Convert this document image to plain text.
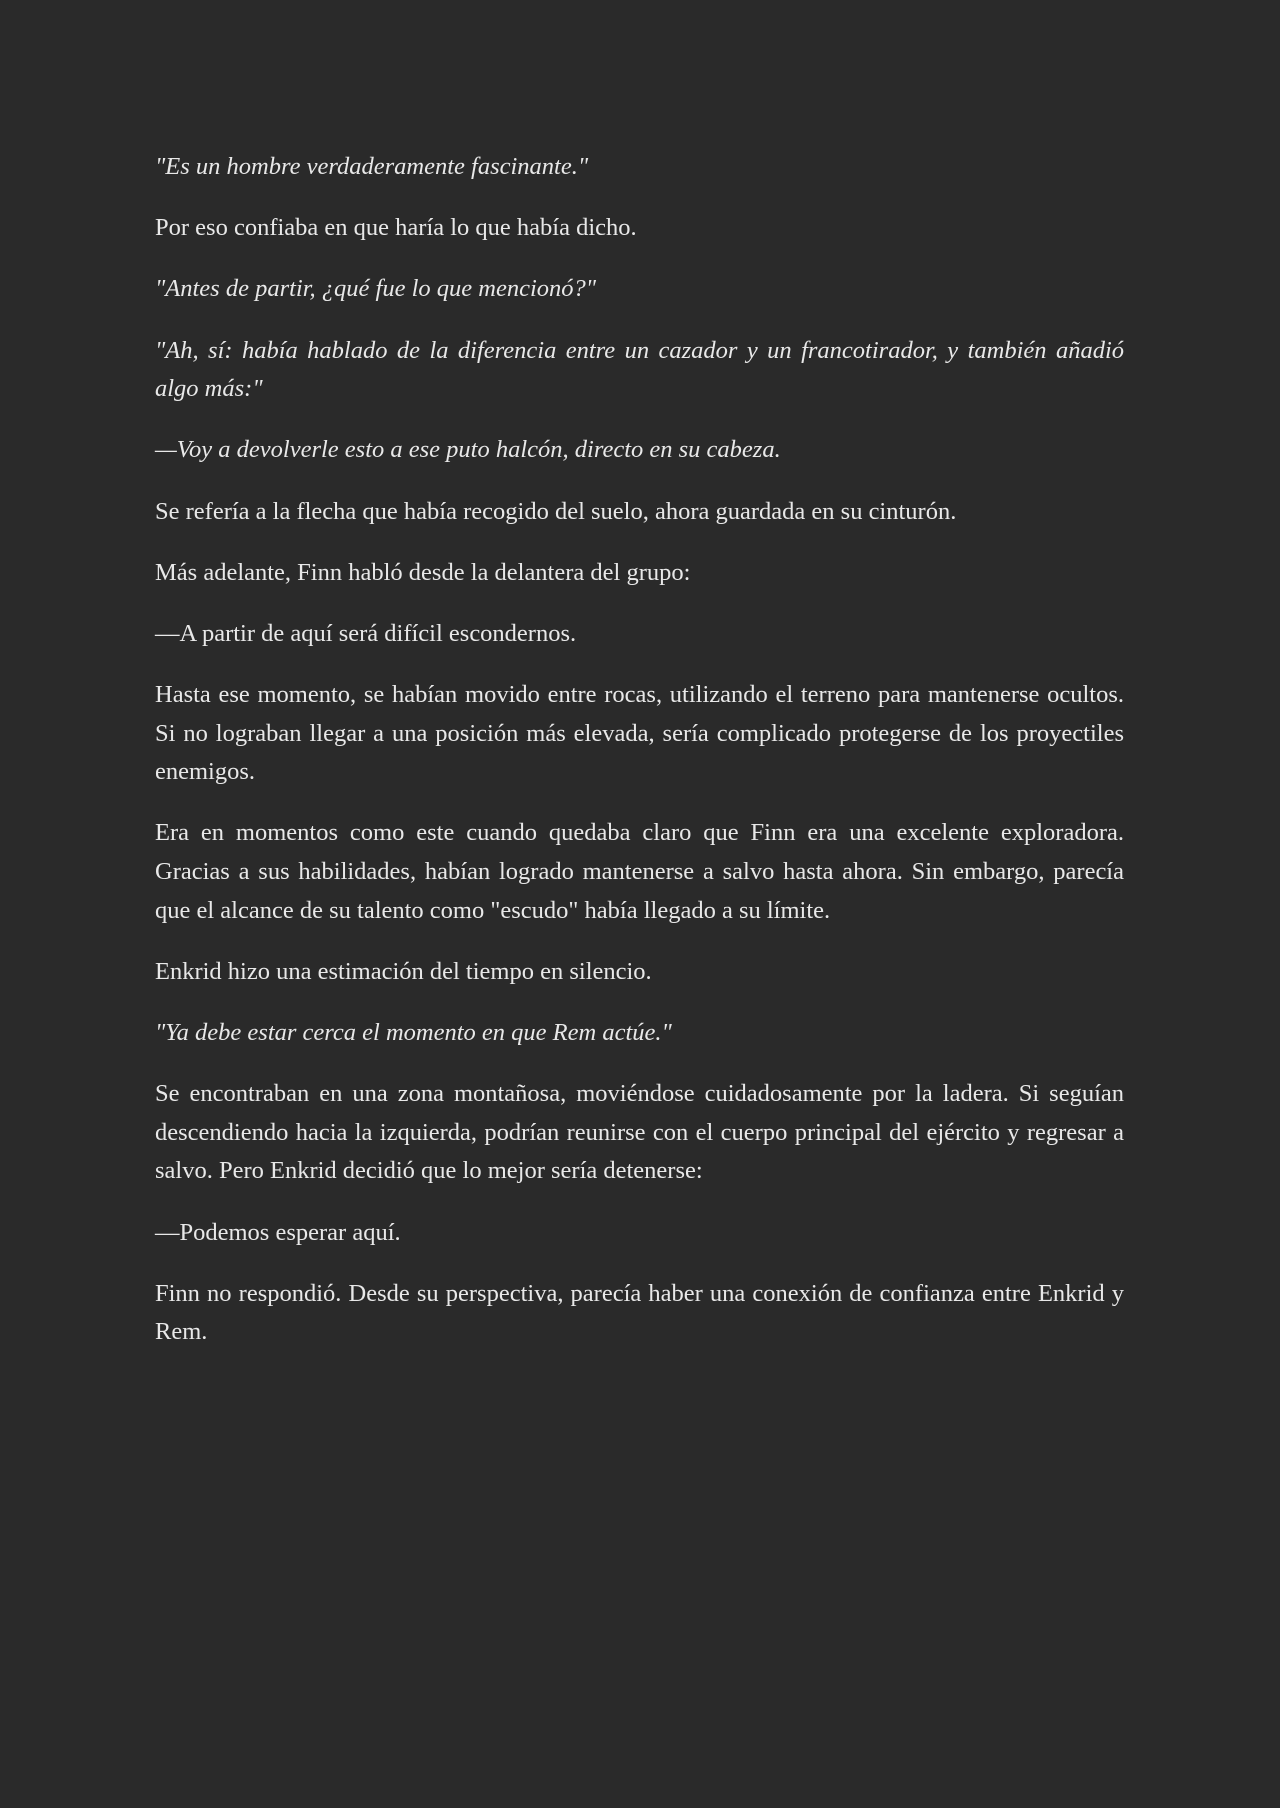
"Es un hombre verdaderamente fascinante."

Por eso confiaba en que haría lo que había dicho.

"Antes de partir, ¿qué fue lo que mencionó?"

"Ah, sí: había hablado de la diferencia entre un cazador y un francotirador, y también añadió algo más:"

—Voy a devolverle esto a ese puto halcón, directo en su cabeza.

Se refería a la flecha que había recogido del suelo, ahora guardada en su cinturón.

Más adelante, Finn habló desde la delantera del grupo:

—A partir de aquí será difícil escondernos.

Hasta ese momento, se habían movido entre rocas, utilizando el terreno para mantenerse ocultos. Si no lograban llegar a una posición más elevada, sería complicado protegerse de los proyectiles enemigos.

Era en momentos como este cuando quedaba claro que Finn era una excelente exploradora. Gracias a sus habilidades, habían logrado mantenerse a salvo hasta ahora. Sin embargo, parecía que el alcance de su talento como "escudo" había llegado a su límite.

Enkrid hizo una estimación del tiempo en silencio.

"Ya debe estar cerca el momento en que Rem actúe."

Se encontraban en una zona montañosa, moviéndose cuidadosamente por la ladera. Si seguían descendiendo hacia la izquierda, podrían reunirse con el cuerpo principal del ejército y regresar a salvo. Pero Enkrid decidió que lo mejor sería detenerse:

—Podemos esperar aquí.

Finn no respondió. Desde su perspectiva, parecía haber una conexión de confianza entre Enkrid y Rem.
